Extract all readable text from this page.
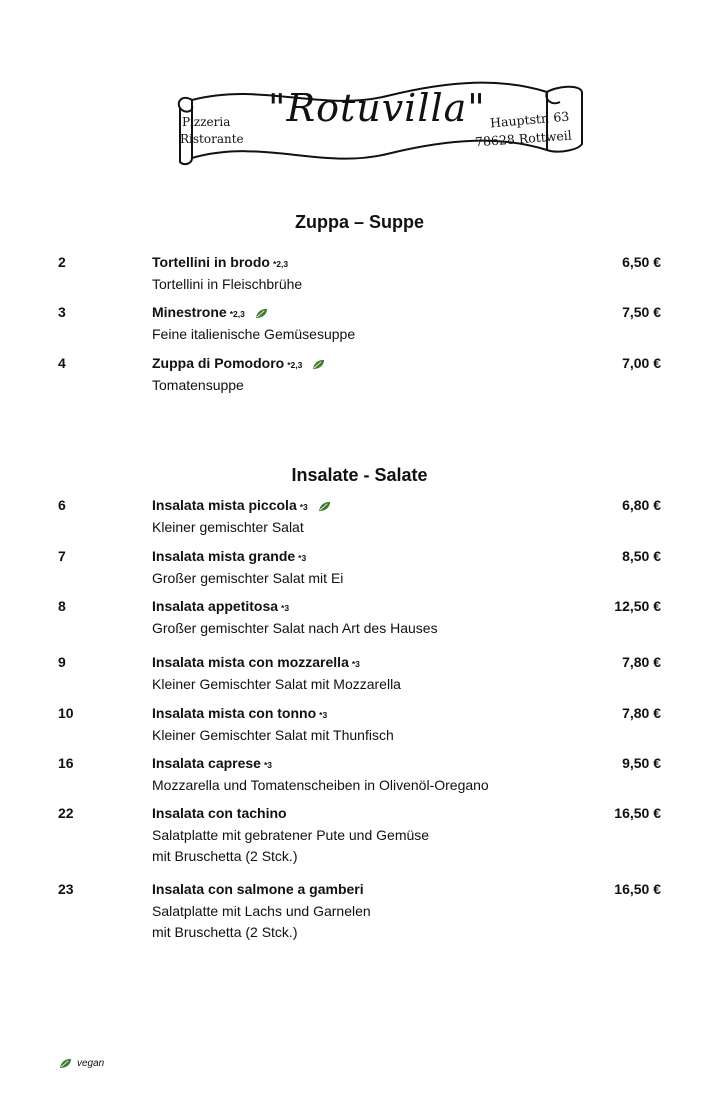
Pizzeria
Ristorante
"Rotuvilla" Hauptstr. 63
78628 Rottweil
Zuppa – Suppe
2	Tortellini in brodo *2,3
Tortellini in Fleischbrühe
6,50 €
3	Minestrone *2,3
Feine italienische Gemüsesuppe
7,50 €
4	Zuppa di Pomodoro *2,3
Tomatensuppe
7,00 €
Insalate - Salate
6	Insalata mista piccola *3
Kleiner gemischter Salat
6,80 €
7	Insalata mista grande *3
Großer gemischter Salat mit Ei
8,50 €
8	Insalata appetitosa *3
Großer gemischter Salat nach Art des Hauses
12,50 €
9	Insalata mista con mozzarella *3
Kleiner Gemischter Salat mit Mozzarella
7,80 €
10	Insalata mista con tonno *3
Kleiner Gemischter Salat mit Thunfisch
7,80 €
16	Insalata caprese *3
Mozzarella und Tomatenscheiben in Olivenöl-Oregano
9,50 €
22	Insalata con tachino
Salatplatte mit gebratener Pute und Gemüse
mit Bruschetta (2 Stck.)
16,50 €
23	Insalata con salmone a gamberi
Salatplatte mit Lachs und Garnelen
mit Bruschetta (2 Stck.)
16,50 €
vegan
